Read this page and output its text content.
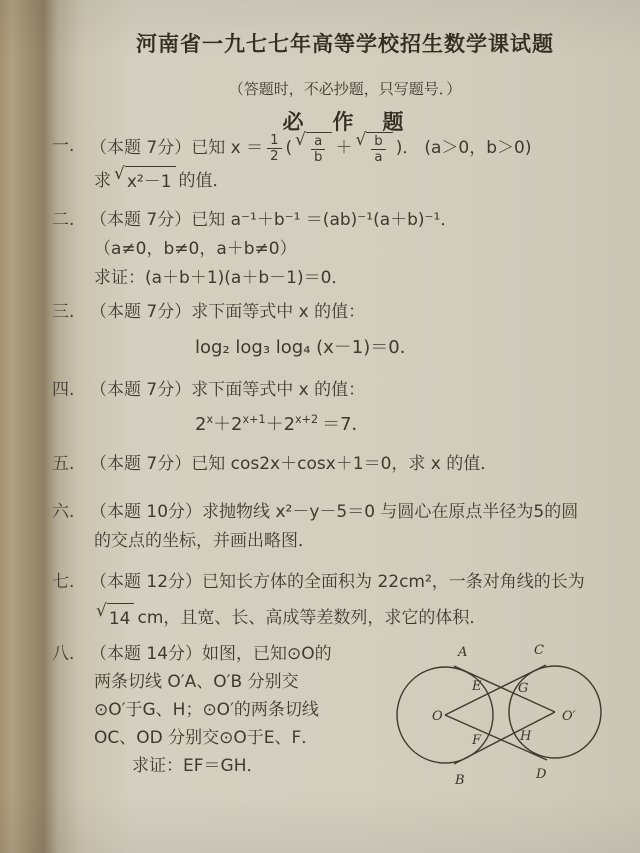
河南省一九七七年高等学校招生数学课试题
（答题时，不必抄题，只写题号．）
必　作　题
一. （本题 7分）已知 $x = \frac{1}{2}$ ( √ $\frac{a}{b}$ ＋ √ $\frac{b}{a}$ )． (a＞0，b＞0)

求 √ x²－1 的值．
二. （本题 7分）已知 a⁻¹＋b⁻¹ ＝(ab)⁻¹(a＋b)⁻¹．
（a≠0，b≠0，a＋b≠0）
求证：(a＋b＋1)(a＋b－1)＝0．
三. （本题 7分）求下面等式中 x 的值：
log₂ log₃ log₄ (x－1)＝0．
四. （本题 7分）求下面等式中 x 的值：
$2^x+2^{x+1}+2^{x+2} =7$．
五. （本题 7分）已知 cos2x＋cosx＋1＝0，求 x 的值．
六. （本题 10分）求抛物线 x²－y－5＝0 与圆心在原点半径为5的圆
的交点的坐标，并画出略图．
七. （本题 12分）已知长方体的全面积为 22cm²，一条对角线的长为
√ 14 cm，且宽、长、高成等差数列，求它的体积．
八. （本题 14分）如图，已知⊙O的
两条切线 O′A、O′B 分别交
⊙O′于G、H；⊙O′的两条切线
OC、OD 分别交⊙O于E、F．
求证：EF＝GH．
A	C
E	G
O	O′
F	H
B	D
